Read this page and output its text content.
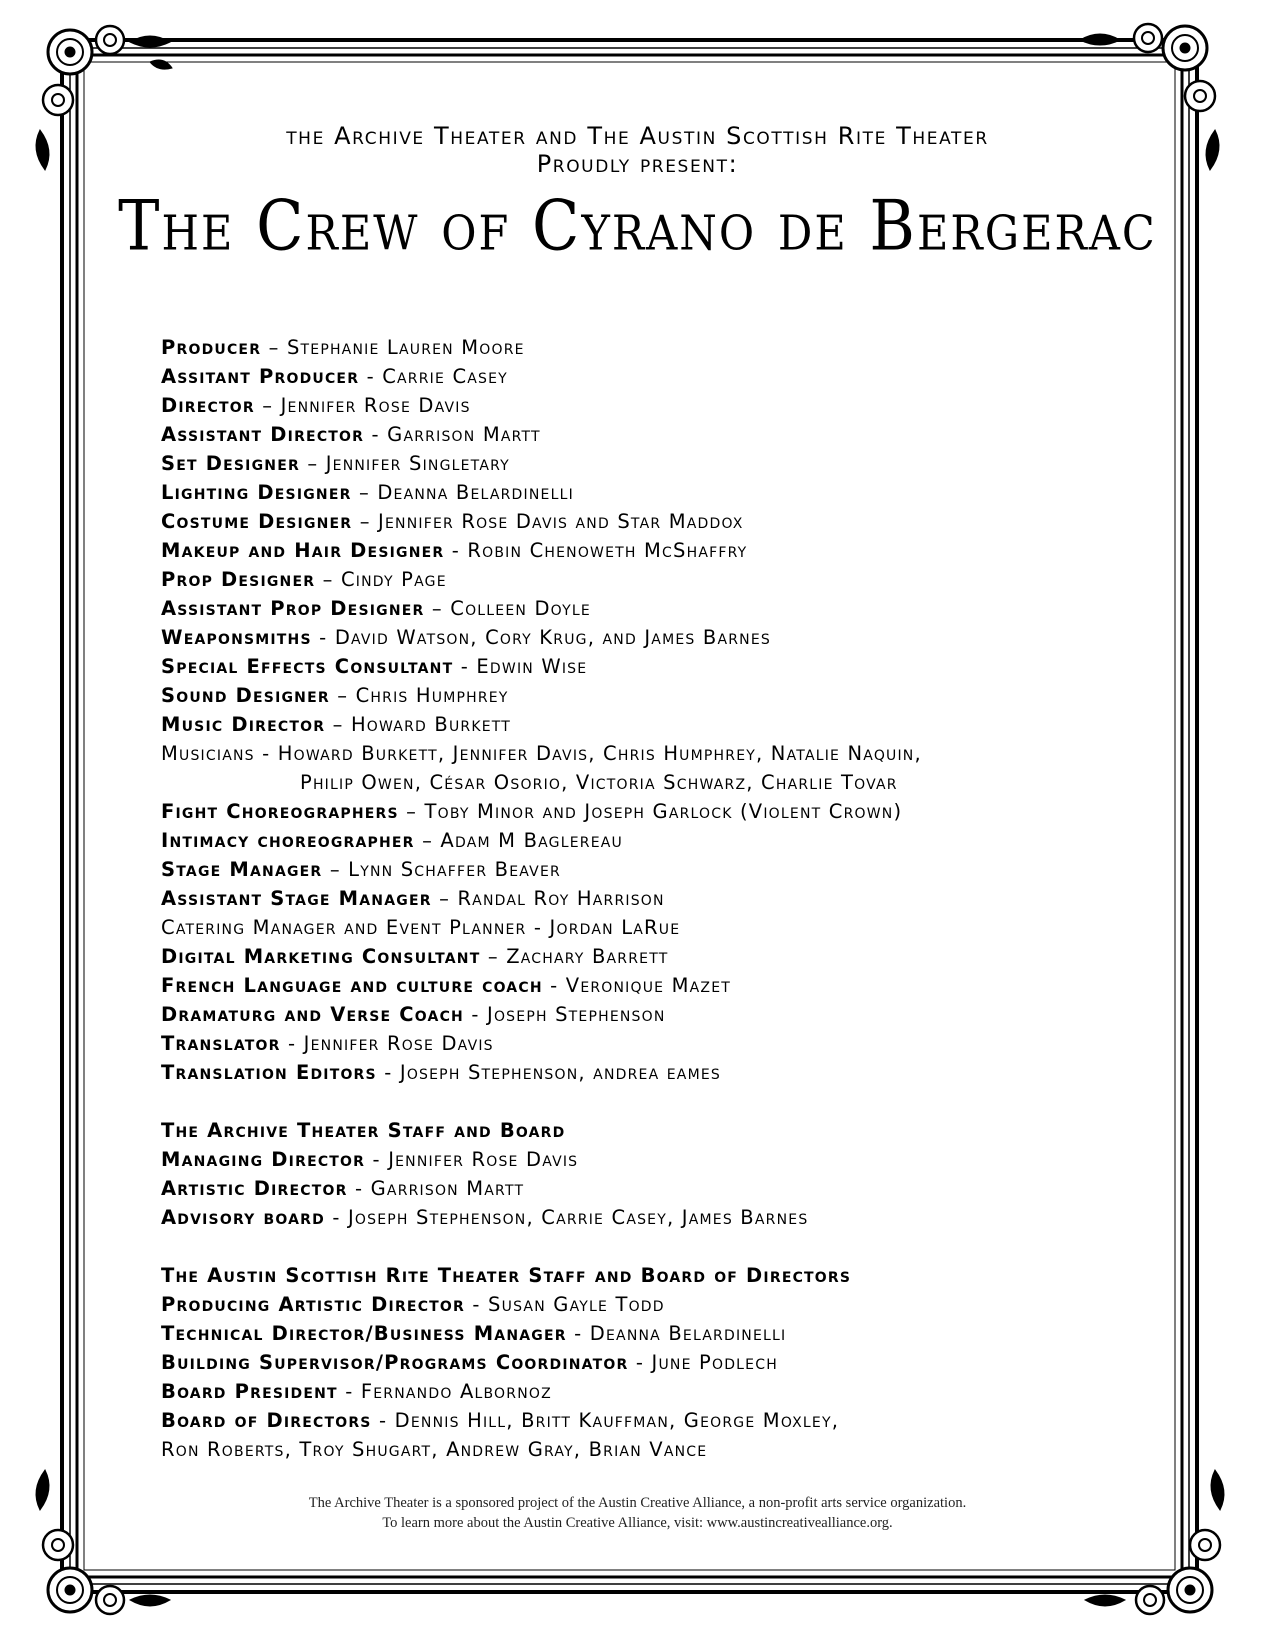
the Archive Theater and The Austin Scottish Rite Theater

Proudly present:

The Crew of Cyrano de Bergerac
Producer – Stephanie Lauren Moore
Assitant Producer - Carrie Casey
Director – Jennifer Rose Davis
Assistant Director - Garrison Martt
Set Designer – Jennifer Singletary
Lighting Designer – Deanna Belardinelli
Costume Designer – Jennifer Rose Davis and Star Maddox
Makeup and Hair Designer - Robin Chenoweth McShaffry
Prop Designer – Cindy Page
Assistant Prop Designer – Colleen Doyle
Weaponsmiths - David Watson, Cory Krug, and James Barnes
Special Effects Consultant - Edwin Wise
Sound Designer – Chris Humphrey
Music Director – Howard Burkett
Musicians - Howard Burkett, Jennifer Davis, Chris Humphrey, Natalie Naquin,
Philip Owen, César Osorio, Victoria Schwarz, Charlie Tovar
Fight Choreographers – Toby Minor and Joseph Garlock (Violent Crown)
Intimacy choreographer – Adam M Baglereau
Stage Manager – Lynn Schaffer Beaver
Assistant Stage Manager – Randal Roy Harrison
Catering Manager and Event Planner - Jordan LaRue
Digital Marketing Consultant – Zachary Barrett
French Language and culture coach - Veronique Mazet
Dramaturg and Verse Coach - Joseph Stephenson
Translator - Jennifer Rose Davis
Translation Editors - Joseph Stephenson, andrea eames
The Archive Theater Staff and Board
Managing Director - Jennifer Rose Davis
Artistic Director - Garrison Martt
Advisory board - Joseph Stephenson, Carrie Casey, James Barnes
The Austin Scottish Rite Theater Staff and Board of Directors
Producing Artistic Director - Susan Gayle Todd
Technical Director/Business Manager - Deanna Belardinelli
Building Supervisor/Programs Coordinator - June Podlech
Board President - Fernando Albornoz
Board of Directors - Dennis Hill, Britt Kauffman, George Moxley,
Ron Roberts, Troy Shugart, Andrew Gray, Brian Vance
The Archive Theater is a sponsored project of the Austin Creative Alliance, a non-profit arts service organization.
To learn more about the Austin Creative Alliance, visit: www.austincreativealliance.org.
